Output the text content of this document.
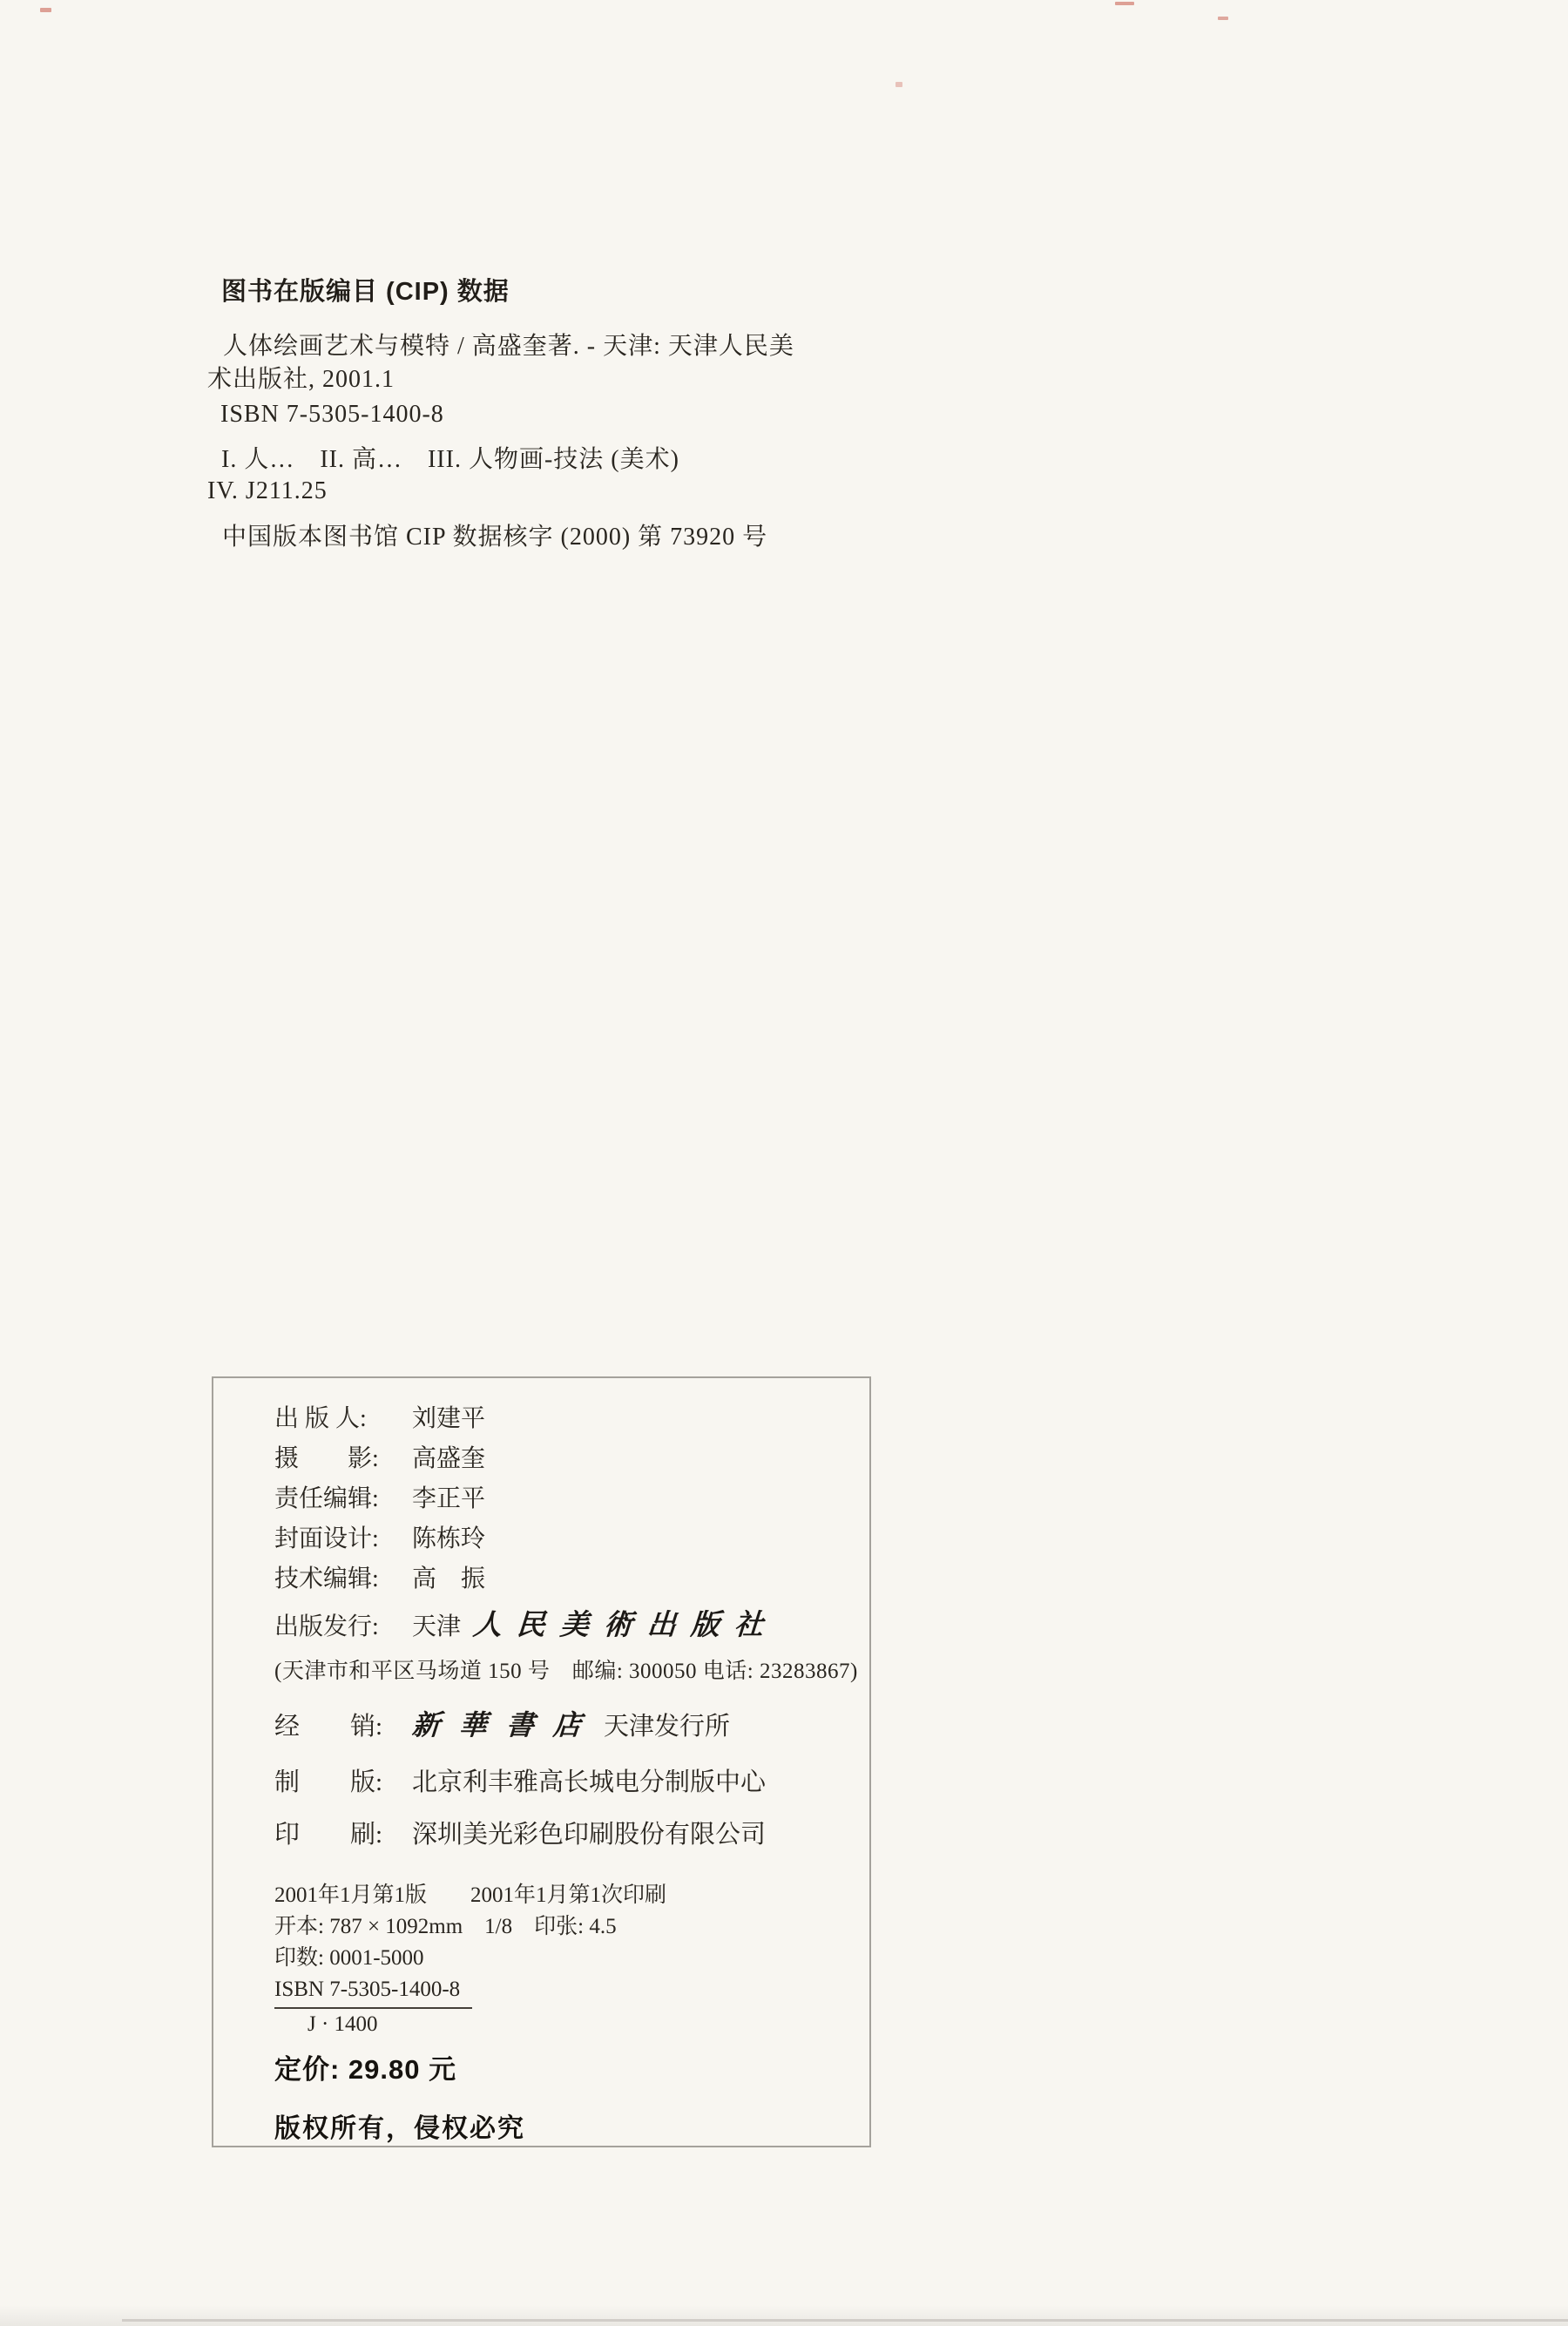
图书在版编目 (CIP) 数据

人体绘画艺术与模特 / 高盛奎著. - 天津: 天津人民美

术出版社, 2001.1

ISBN 7-5305-1400-8

I. 人…　II. 高…　III. 人物画-技法 (美术)

IV. J211.25

中国版本图书馆 CIP 数据核字 (2000) 第 73920 号

出 版 人: 刘建平
摄　　影: 高盛奎
责任编辑: 李正平
封面设计: 陈栋玲
技术编辑: 高　振
出版发行: 天津 人民美術出版社
(天津市和平区马场道 150 号　邮编: 300050 电话: 23283867)
经　　销: 新華書店天津发行所
制　　版: 北京利丰雅高长城电分制版中心
印　　刷: 深圳美光彩色印刷股份有限公司

2001年1月第1版　　2001年1月第1次印刷

开本: 787 × 1092mm　1/8　印张: 4.5

印数: 0001-5000

ISBN 7-5305-1400-8

J · 1400

定价: 29.80 元

版权所有，侵权必究
